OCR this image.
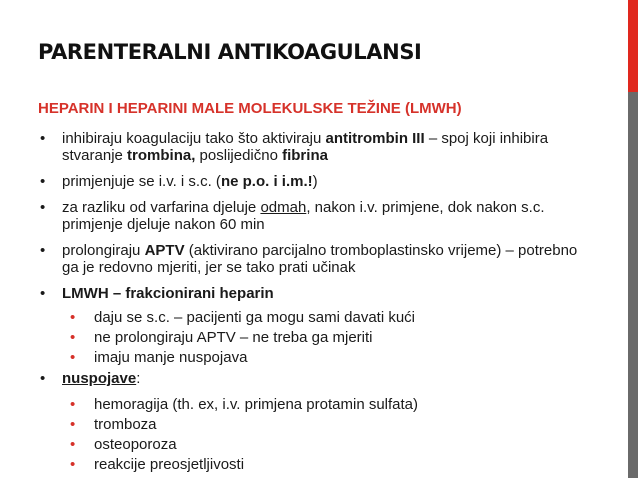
PARENTERALNI ANTIKOAGULANSI
HEPARIN I HEPARINI MALE MOLEKULSKE TEŽINE (LMWH)
• inhibiraju koagulaciju tako što aktiviraju antitrombin III – spoj koji inhibira stvaranje trombina, poslijedično fibrina
• primjenjuje se i.v. i s.c. (ne p.o. i i.m.!)
• za razliku od varfarina djeluje odmah, nakon i.v. primjene, dok nakon s.c. primjenje djeluje nakon 60 min
• prolongiraju APTV (aktivirano parcijalno tromboplastinsko vrijeme) – potrebno ga je redovno mjeriti, jer se tako prati učinak
• LMWH – frakcionirani heparin
• daju se s.c. – pacijenti ga mogu sami davati kući
• ne prolongiraju APTV – ne treba ga mjeriti
• imaju manje nuspojava
• nuspojave:
• hemoragija (th. ex, i.v. primjena protamin sulfata)
• tromboza
• osteoporoza
• reakcije preosjetljivosti
